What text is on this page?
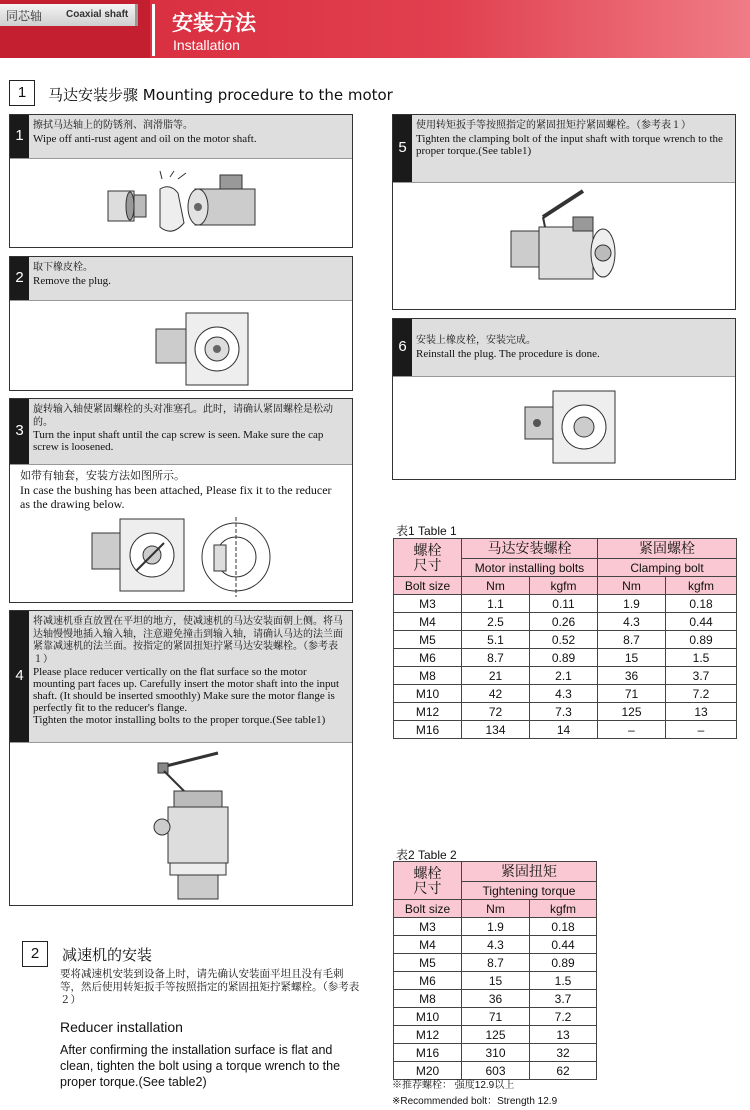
同芯轴 Coaxial shaft 安装方法
Installation
1	马达安装步骤 Mounting procedure to the motor
1
擦拭马达轴上的防锈剂、润滑脂等。
Wipe off anti-rust agent and oil on the motor shaft.
2
取下橡皮栓。
Remove the plug.
3
旋转输入轴使紧固螺栓的头对准塞孔。此时，请确认紧固螺栓是松动的。
Turn the input shaft until the cap screw is seen. Make sure the cap screw is loosened.
如带有轴套，安装方法如图所示。
In case the bushing has been attached, Please fix it to the reducer as the drawing below.
4
将减速机垂直放置在平坦的地方，使减速机的马达安装面朝上侧。将马达轴慢慢地插入输入轴，注意避免撞击到输入轴，请确认马达的法兰面紧靠减速机的法兰面。按指定的紧固扭矩拧紧马达安装螺栓。（参考表１）
Please place reducer vertically on the flat surface so the motor mounting part faces up. Carefully insert the motor shaft into the input shaft. (It should be inserted smoothly) Make sure the motor flange is perfectly fit to the reducer's flange.
Tighten the motor installing bolts to the proper torque.(See table1)
5
使用转矩扳手等按照指定的紧固扭矩拧紧固螺栓。（参考表１）
Tighten the clamping bolt of the input shaft with torque wrench to the proper torque.(See table1)
6 安装上橡皮栓，安装完成。
Reinstall the plug. The procedure is done.
表1 Table 1
螺栓
尺寸	马达安装螺栓		紧固螺栓	
	Motor installing bolts		Clamping bolt	
Bolt size	Nm	kgfm	Nm	kgfm
M3	1.1	0.11	1.9	0.18
M4	2.5	0.26	4.3	0.44
M5	5.1	0.52	8.7	0.89
M6	8.7	0.89	15	1.5
M8	21	2.1	36	3.7
M10	42	4.3	71	7.2
M12	72	7.3	125	13
M16	134	14	–	–
表2 Table 2
螺栓
尺寸	紧固扭矩	
	Tightening torque	
Bolt size	Nm	kgfm
M3	1.9	0.18
M4	4.3	0.44
M5	8.7	0.89
M6	15	1.5
M8	36	3.7
M10	71	7.2
M12	125	13
M16	310	32
M20	603	62
※推荐螺栓： 强度12.9以上
※Recommended bolt：Strength 12.9
2	减速机的安装
要将减速机安装到设备上时，请先确认安装面平坦且没有毛刺等，然后使用转矩扳手等按照指定的紧固扭矩拧紧螺栓。（参考表２）
Reducer installation
After confirming the installation surface is flat and clean, tighten the bolt using a torque wrench to the proper torque.(See table2)
